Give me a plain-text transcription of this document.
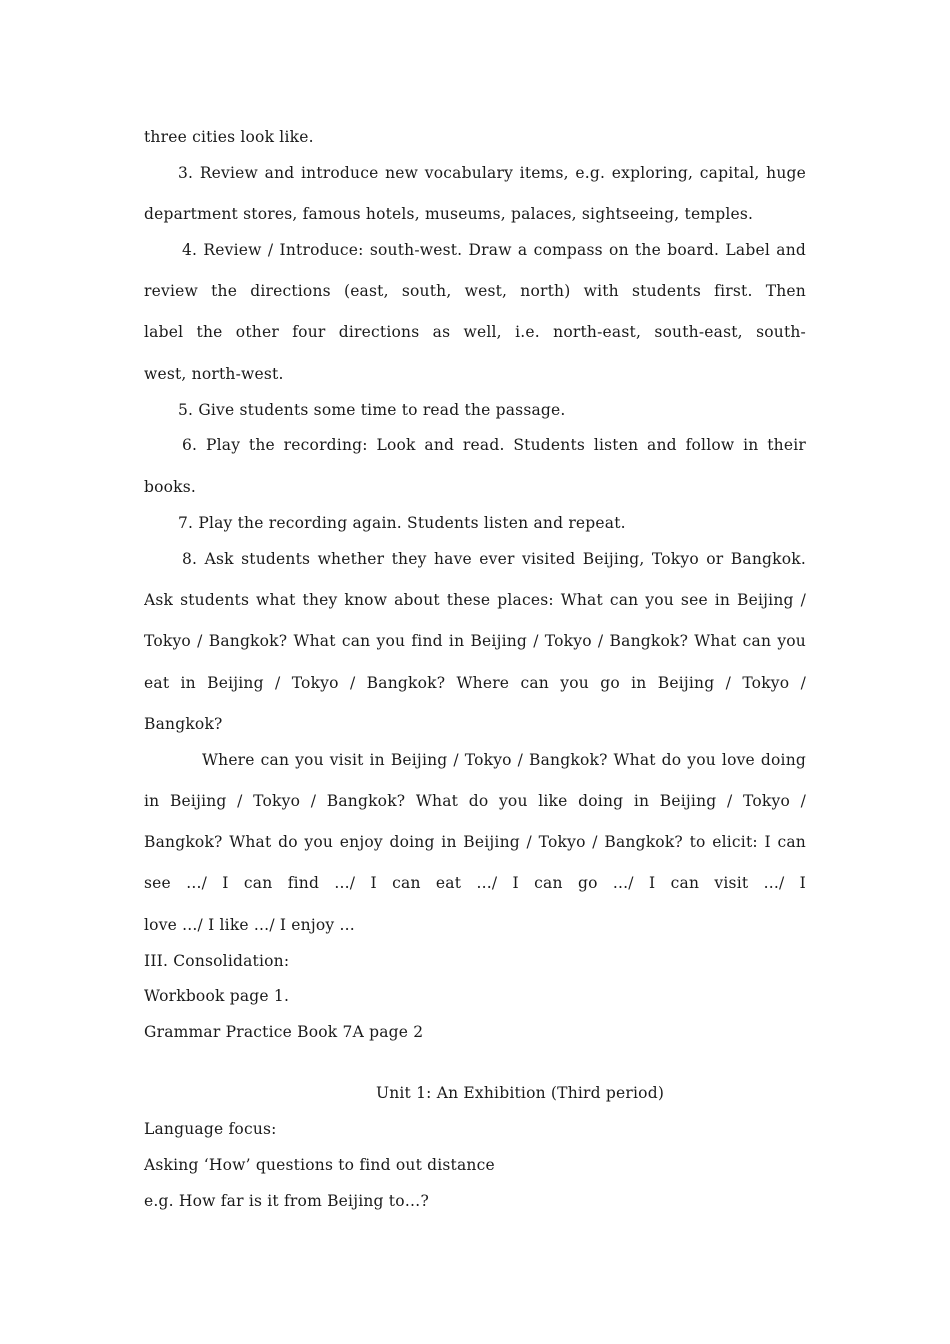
three cities look like.
3. Review and introduce new vocabulary items, e.g. exploring, capital, huge
department stores, famous hotels, museums, palaces, sightseeing, temples.
4. Review / Introduce: south-west. Draw a compass on the board. Label and
review the directions (east, south, west, north) with students first. Then
label the other four directions as well, i.e. north-east, south-east, south-
west, north-west.
5. Give students some time to read the passage.
6. Play the recording: Look and read. Students listen and follow in their
books.
7. Play the recording again. Students listen and repeat.
8. Ask students whether they have ever visited Beijing, Tokyo or Bangkok.
Ask students what they know about these places: What can you see in Beijing /
Tokyo / Bangkok? What can you find in Beijing / Tokyo / Bangkok? What can you
eat in Beijing / Tokyo / Bangkok? Where can you go in Beijing / Tokyo /
Bangkok?
Where can you visit in Beijing / Tokyo / Bangkok? What do you love doing
in Beijing / Tokyo / Bangkok? What do you like doing in Beijing / Tokyo /
Bangkok? What do you enjoy doing in Beijing / Tokyo / Bangkok? to elicit: I can
see .../ I can find .../ I can eat .../ I can go .../ I can visit .../ I
love .../ I like .../ I enjoy ...
III. Consolidation:
Workbook page 1.
Grammar Practice Book 7A page 2
Unit 1: An Exhibition (Third period)
Language focus:
Asking ‘How’ questions to find out distance
e.g. How far is it from Beijing to…?
